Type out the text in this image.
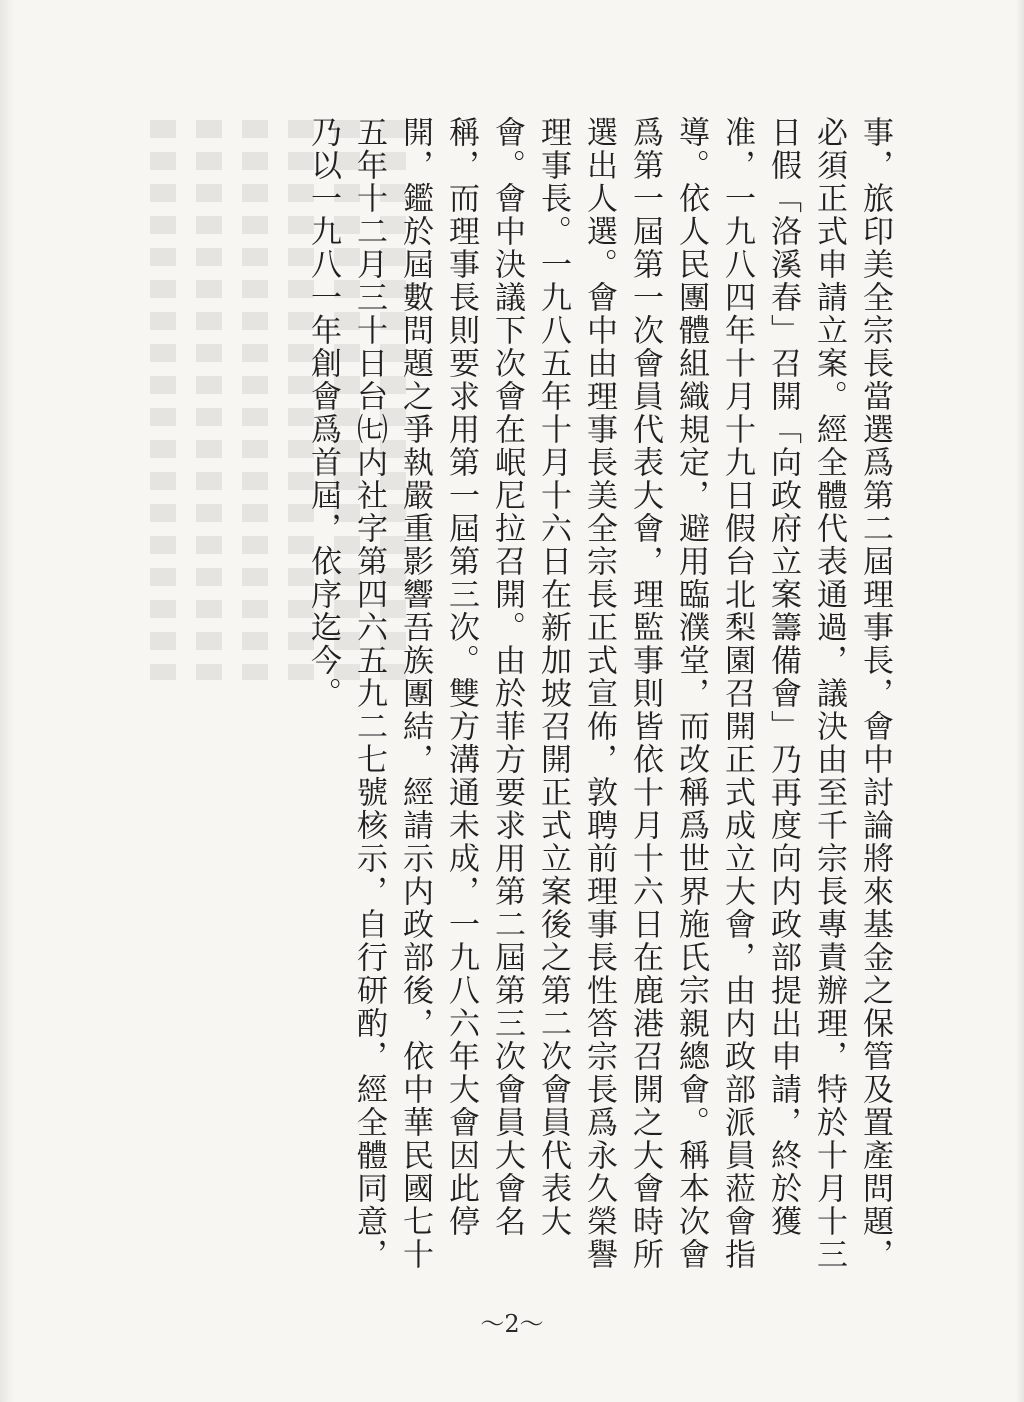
事，旅印美全宗長當選爲第二屆理事長，會中討論將來基金之保管及置產問題，必須正式申請立案。經全體代表通過，議決由至千宗長專責辦理，特於十月十三日假「洛溪春」召開「向政府立案籌備會」乃再度向内政部提出申請，終於獲准，一九八四年十月十九日假台北梨園召開正式成立大會，由内政部派員蒞會指導。依人民團體組織規定，避用臨濮堂，而改稱爲世界施氏宗親總會。稱本次會爲第一屆第一次會員代表大會，理監事則皆依十月十六日在鹿港召開之大會時所選出人選。會中由理事長美全宗長正式宣佈，敦聘前理事長性答宗長爲永久榮譽理事長。一九八五年十月十六日在新加坡召開正式立案後之第二次會員代表大會。會中決議下次會在岷尼拉召開。由於菲方要求用第二屆第三次會員大會名稱，而理事長則要求用第一屆第三次。雙方溝通未成，一九八六年大會因此停開，鑑於屆數問題之爭執嚴重影響吾族團結，經請示内政部後，依中華民國七十五年十二月三十日台㈦内社字第四六五九二七號核示，自行研酌，經全體同意，乃以一九八一年創會爲首屆，依序迄今。

～2～
